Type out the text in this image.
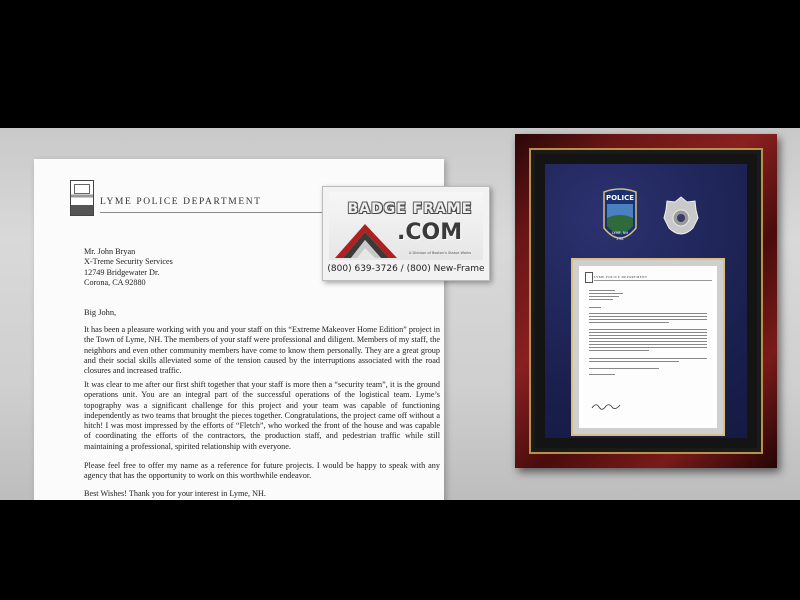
LYME POLICE DEPARTMENT
Mr. John Bryan
X-Treme Security Services
12749 Bridgewater Dr.
Corona, CA 92880
Big John,

It has been a pleasure working with you and your staff on this “Extreme Makeover Home Edition” project in the Town of Lyme, NH. The members of your staff were professional and diligent. Members of my staff, the neighbors and even other community members have come to know them personally. They are a great group and their social skills alleviated some of the tension caused by the interruptions associated with the road closures and increased traffic.

It was clear to me after our first shift together that your staff is more then a “security team”, it is the ground operations unit. You are an integral part of the successful operations of the logistical team. Lyme’s topography was a significant challenge for this project and your team was capable of functioning independently as two teams that brought the pieces together. Congratulations, the project came off without a hitch! I was most impressed by the efforts of “Fletch”, who worked the front of the house and was capable of coordinating the efforts of the contractors, the production staff, and pedestrian traffic while still maintaining a professional, spirited relationship with everyone.

Please feel free to offer my name as a reference for future projects. I would be happy to speak with any agency that has the opportunity to work on this worthwhile endeavor.

Best Wishes! Thank you for your interest in Lyme, NH.

BADGE FRAME
.COM
A Division of Boston's Statue Works
(800) 639-3726 / (800) New-Frame
POLICE
LYME, NH
1761
LYME POLICE DEPARTMENT
